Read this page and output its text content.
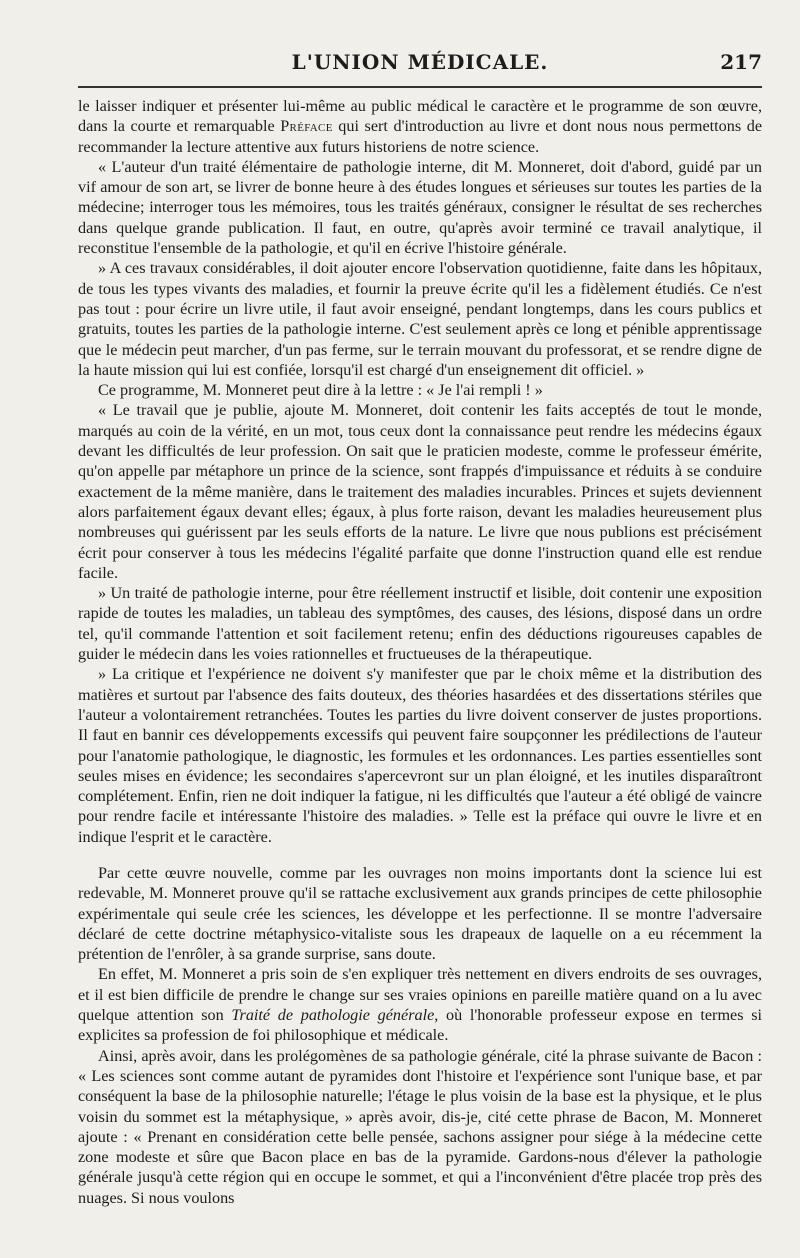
L'UNION MÉDICALE.	217

le laisser indiquer et présenter lui-même au public médical le caractère et le programme de son œuvre, dans la courte et remarquable Préface qui sert d'introduction au livre et dont nous nous permettons de recommander la lecture attentive aux futurs historiens de notre science.

« L'auteur d'un traité élémentaire de pathologie interne, dit M. Monneret, doit d'abord, guidé par un vif amour de son art, se livrer de bonne heure à des études longues et sérieuses sur toutes les parties de la médecine; interroger tous les mémoires, tous les traités généraux, consigner le résultat de ses recherches dans quelque grande publication. Il faut, en outre, qu'après avoir terminé ce travail analytique, il reconstitue l'ensemble de la pathologie, et qu'il en écrive l'histoire générale.

» A ces travaux considérables, il doit ajouter encore l'observation quotidienne, faite dans les hôpitaux, de tous les types vivants des maladies, et fournir la preuve écrite qu'il les a fidèlement étudiés. Ce n'est pas tout : pour écrire un livre utile, il faut avoir enseigné, pendant longtemps, dans les cours publics et gratuits, toutes les parties de la pathologie interne. C'est seulement après ce long et pénible apprentissage que le médecin peut marcher, d'un pas ferme, sur le terrain mouvant du professorat, et se rendre digne de la haute mission qui lui est confiée, lorsqu'il est chargé d'un enseignement dit officiel. »

Ce programme, M. Monneret peut dire à la lettre : « Je l'ai rempli ! »

« Le travail que je publie, ajoute M. Monneret, doit contenir les faits acceptés de tout le monde, marqués au coin de la vérité, en un mot, tous ceux dont la connaissance peut rendre les médecins égaux devant les difficultés de leur profession. On sait que le praticien modeste, comme le professeur émérite, qu'on appelle par métaphore un prince de la science, sont frappés d'impuissance et réduits à se conduire exactement de la même manière, dans le traitement des maladies incurables. Princes et sujets deviennent alors parfaitement égaux devant elles; égaux, à plus forte raison, devant les maladies heureusement plus nombreuses qui guérissent par les seuls efforts de la nature. Le livre que nous publions est précisément écrit pour conserver à tous les médecins l'égalité parfaite que donne l'instruction quand elle est rendue facile.

» Un traité de pathologie interne, pour être réellement instructif et lisible, doit contenir une exposition rapide de toutes les maladies, un tableau des symptômes, des causes, des lésions, disposé dans un ordre tel, qu'il commande l'attention et soit facilement retenu; enfin des déductions rigoureuses capables de guider le médecin dans les voies rationnelles et fructueuses de la thérapeutique.

» La critique et l'expérience ne doivent s'y manifester que par le choix même et la distribution des matières et surtout par l'absence des faits douteux, des théories hasardées et des dissertations stériles que l'auteur a volontairement retranchées. Toutes les parties du livre doivent conserver de justes proportions. Il faut en bannir ces développements excessifs qui peuvent faire soupçonner les prédilections de l'auteur pour l'anatomie pathologique, le diagnostic, les formules et les ordonnances. Les parties essentielles sont seules mises en évidence; les secondaires s'apercevront sur un plan éloigné, et les inutiles disparaîtront complétement. Enfin, rien ne doit indiquer la fatigue, ni les difficultés que l'auteur a été obligé de vaincre pour rendre facile et intéressante l'histoire des maladies. » Telle est la préface qui ouvre le livre et en indique l'esprit et le caractère.

Par cette œuvre nouvelle, comme par les ouvrages non moins importants dont la science lui est redevable, M. Monneret prouve qu'il se rattache exclusivement aux grands principes de cette philosophie expérimentale qui seule crée les sciences, les développe et les perfectionne. Il se montre l'adversaire déclaré de cette doctrine métaphysico-vitaliste sous les drapeaux de laquelle on a eu récemment la prétention de l'enrôler, à sa grande surprise, sans doute.

En effet, M. Monneret a pris soin de s'en expliquer très nettement en divers endroits de ses ouvrages, et il est bien difficile de prendre le change sur ses vraies opinions en pareille matière quand on a lu avec quelque attention son Traité de pathologie générale, où l'honorable professeur expose en termes si explicites sa profession de foi philosophique et médicale.

Ainsi, après avoir, dans les prolégomènes de sa pathologie générale, cité la phrase suivante de Bacon : « Les sciences sont comme autant de pyramides dont l'histoire et l'expérience sont l'unique base, et par conséquent la base de la philosophie naturelle; l'étage le plus voisin de la base est la physique, et le plus voisin du sommet est la métaphysique, » après avoir, dis-je, cité cette phrase de Bacon, M. Monneret ajoute : « Prenant en considération cette belle pensée, sachons assigner pour siége à la médecine cette zone modeste et sûre que Bacon place en bas de la pyramide. Gardons-nous d'élever la pathologie générale jusqu'à cette région qui en occupe le sommet, et qui a l'inconvénient d'être placée trop près des nuages. Si nous voulons
